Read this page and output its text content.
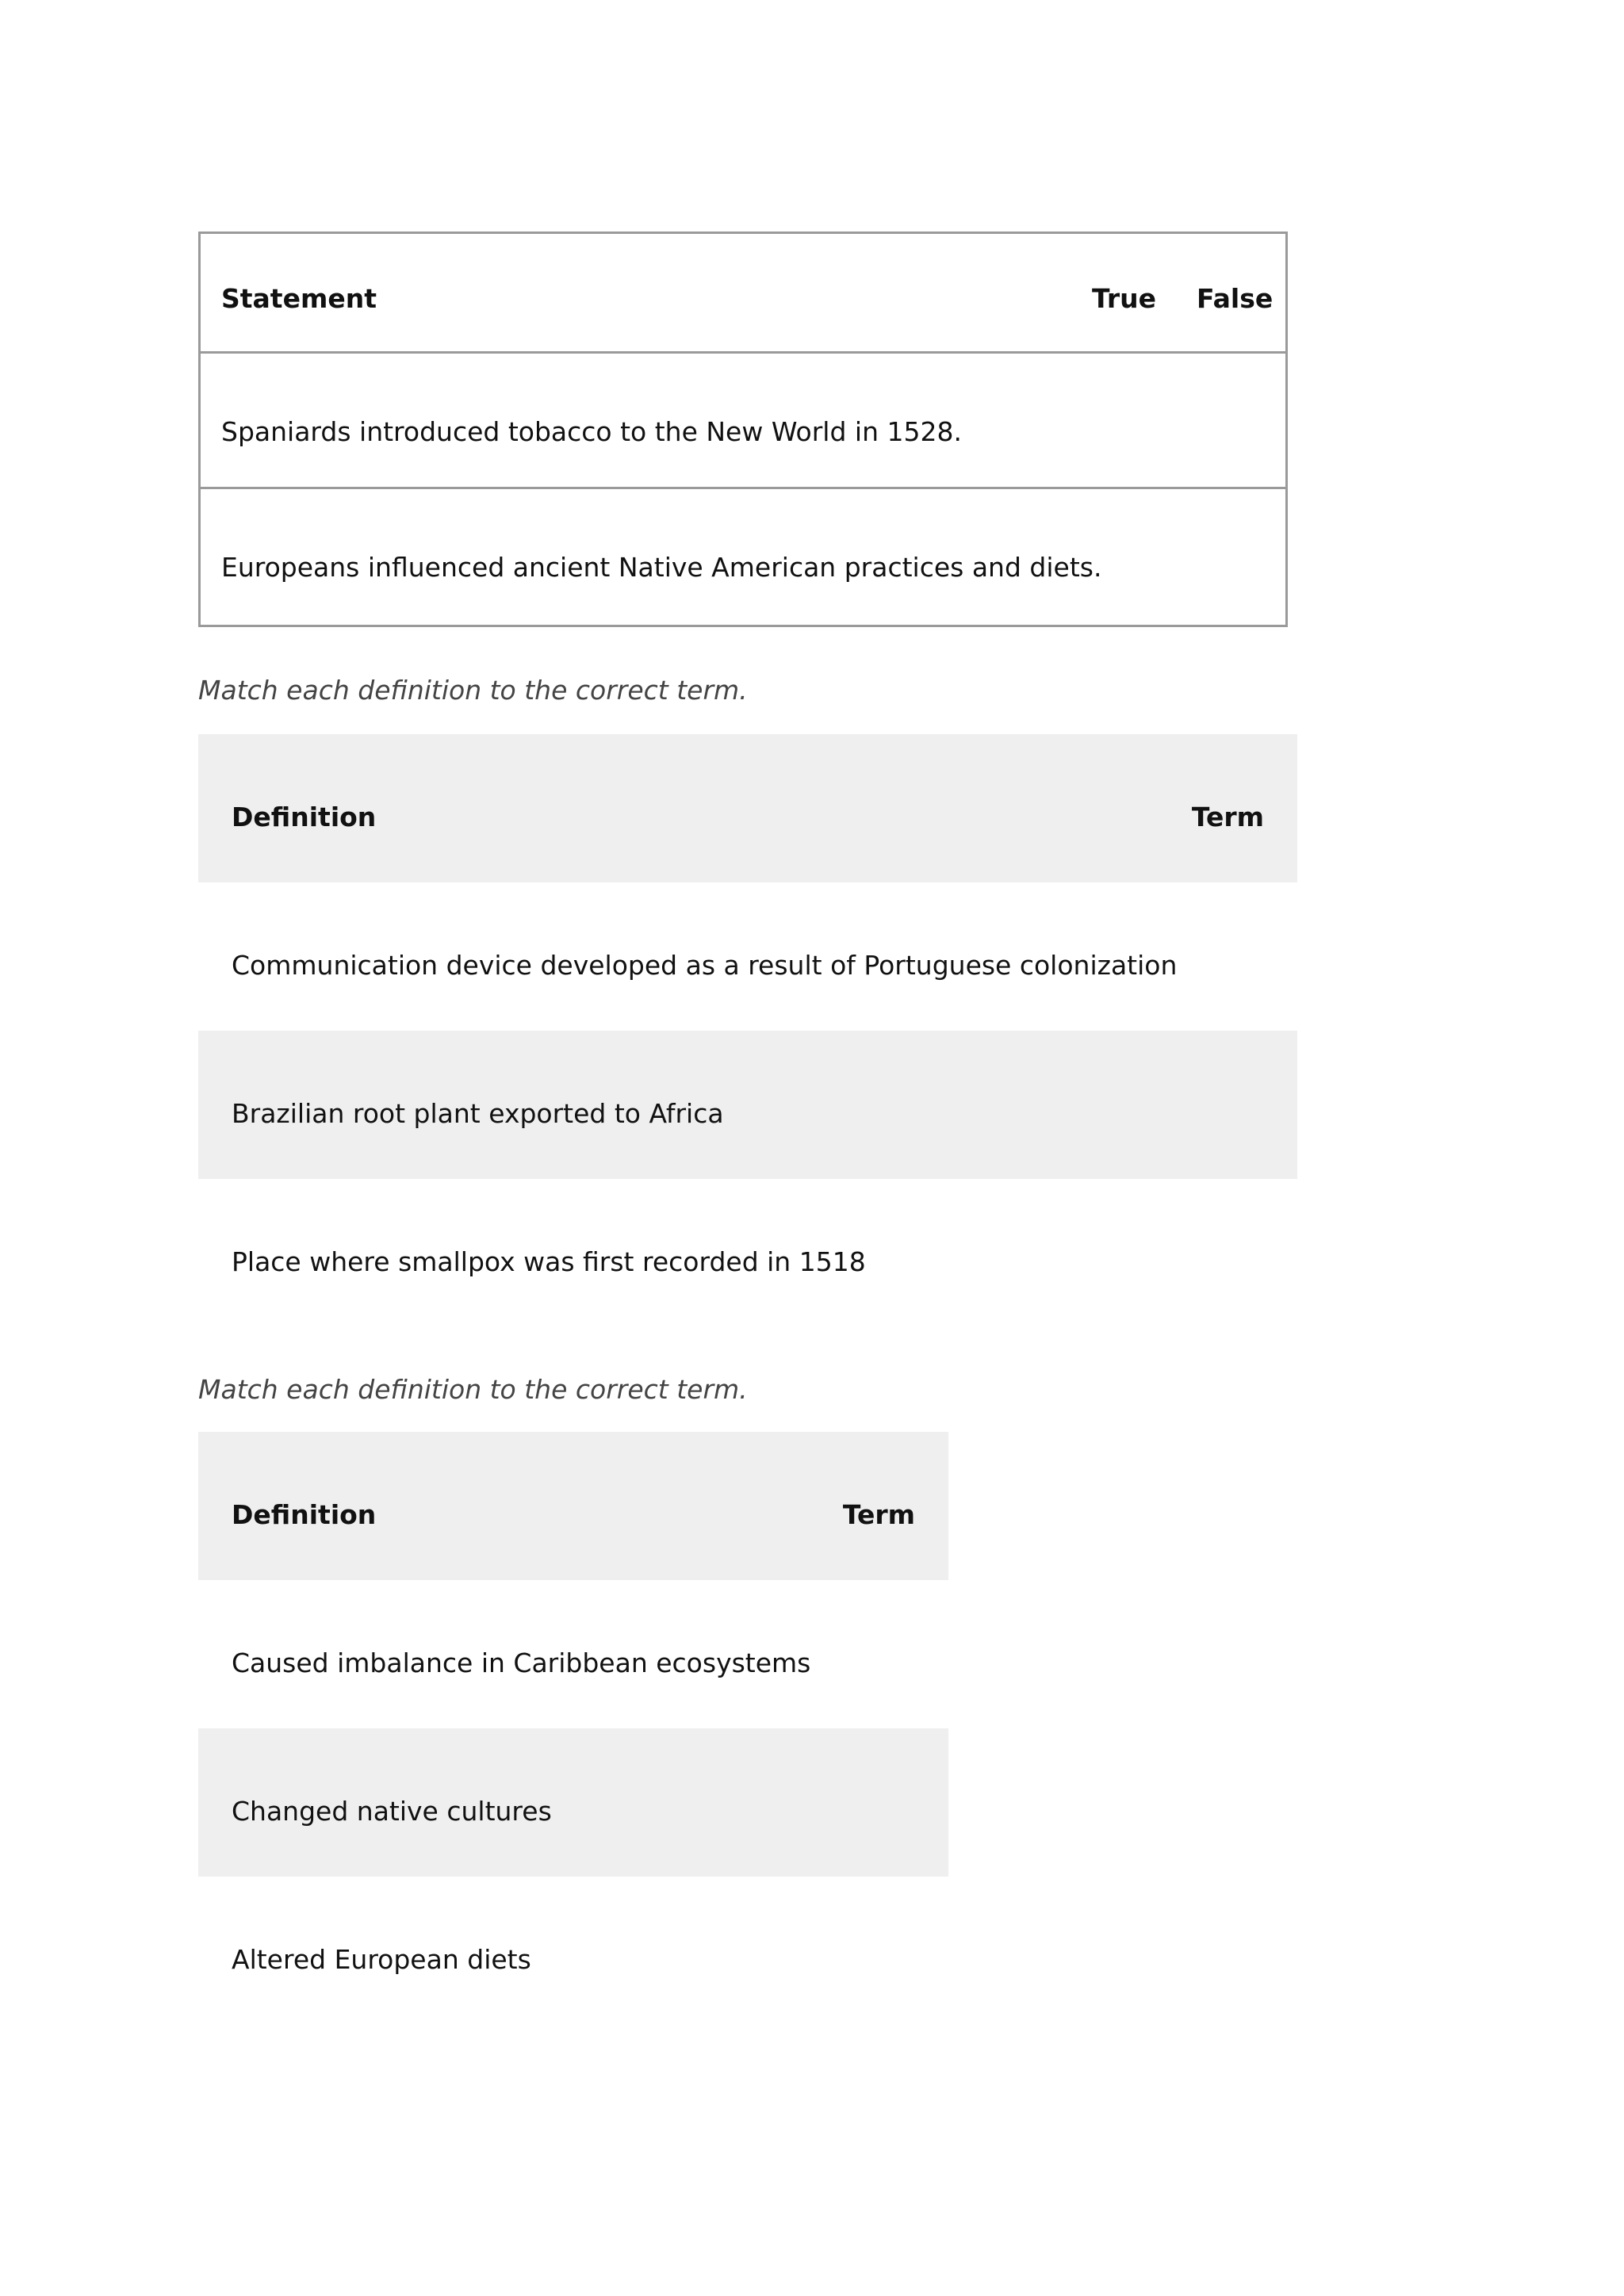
Statement	True False
Spaniards introduced tobacco to the New World in 1528.
Europeans influenced ancient Native American practices and diets.
Match each definition to the correct term.
Definition	Term
Communication device developed as a result of Portuguese colonization
Brazilian root plant exported to Africa
Place where smallpox was first recorded in 1518
Match each definition to the correct term.
Definition	Term
Caused imbalance in Caribbean ecosystems
Changed native cultures
Altered European diets
